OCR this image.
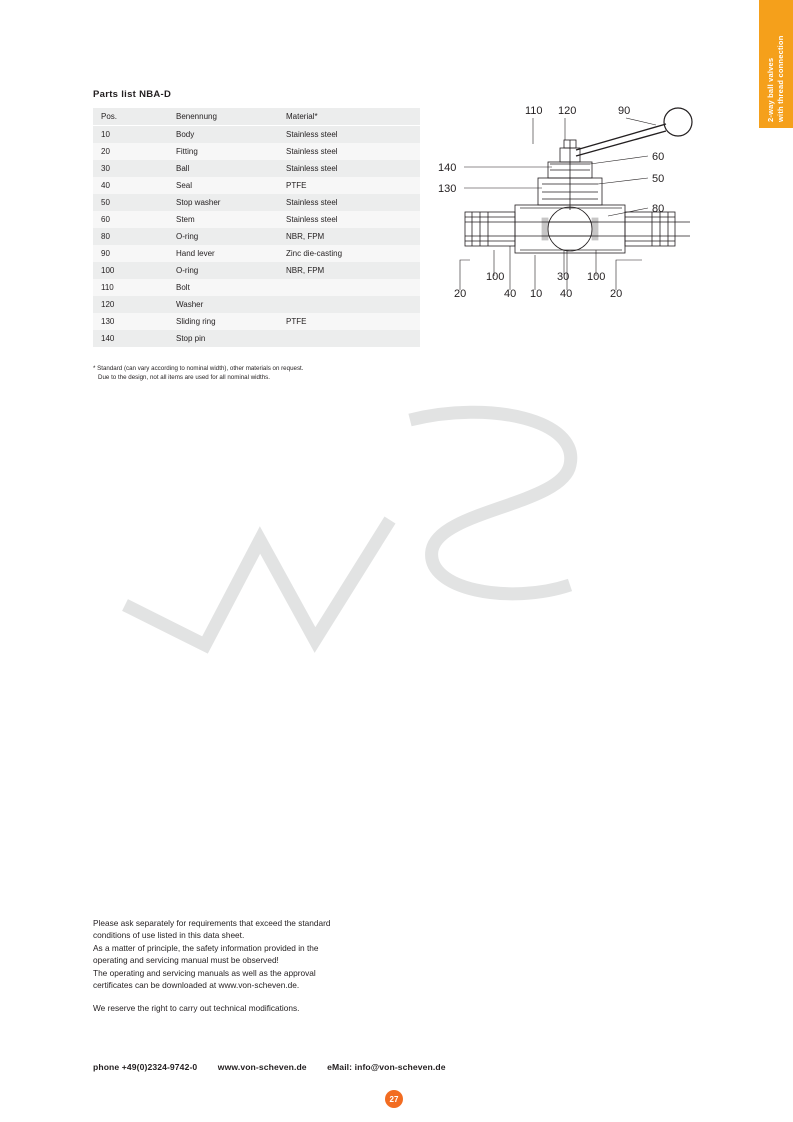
2-way ball valves with thread connection
Parts list NBA-D
Pos.	Benennung	Material*
10	Body	Stainless steel
20	Fitting	Stainless steel
30	Ball	Stainless steel
40	Seal	PTFE
50	Stop washer	Stainless steel
60	Stem	Stainless steel
80	O-ring	NBR, FPM
90	Hand lever	Zinc die-casting
100	O-ring	NBR, FPM
110	Bolt	
120	Washer	
130	Sliding ring	PTFE
140	Stop pin	
* Standard (can vary according to nominal width), other materials on request.
Due to the design, not all items are used for all nominal widths.
110 120	90
140
130
60
50
80
20
100
40 10
30
40
100
20

Please ask separately for requirements that exceed the standard

conditions of use listed in this data sheet.

As a matter of principle, the safety information provided in the

operating and servicing manual must be observed!

The operating and servicing manuals as well as the approval

certificates can be downloaded at www.von-scheven.de.

We reserve the right to carry out technical modifications.

phone +49(0)2324-9742-0 www.von-scheven.de eMail: info@von-scheven.de
27
